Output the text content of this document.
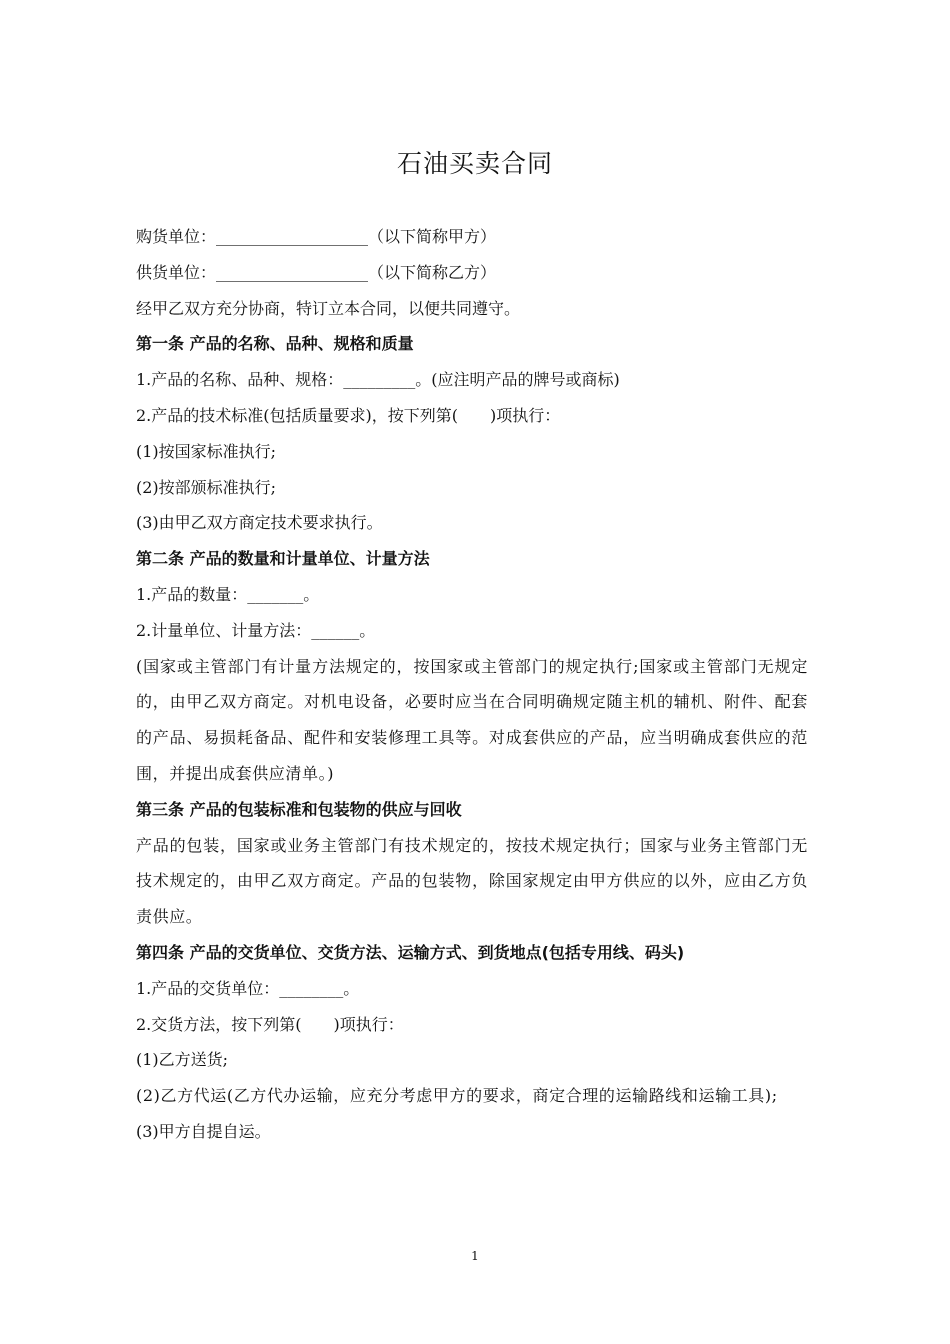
石油买卖合同
购货单位：___________________（以下简称甲方）
供货单位：___________________（以下简称乙方）
经甲乙双方充分协商，特订立本合同，以便共同遵守。
第一条 产品的名称、品种、规格和质量
1.产品的名称、品种、规格：_________。(应注明产品的牌号或商标)
2.产品的技术标准(包括质量要求)，按下列第(　　)项执行：
(1)按国家标准执行;
(2)按部颁标准执行;
(3)由甲乙双方商定技术要求执行。
第二条 产品的数量和计量单位、计量方法
1.产品的数量：_______。
2.计量单位、计量方法：______。
(国家或主管部门有计量方法规定的，按国家或主管部门的规定执行;国家或主管部门无规定的，由甲乙双方商定。对机电设备，必要时应当在合同明确规定随主机的辅机、附件、配套的产品、易损耗备品、配件和安装修理工具等。对成套供应的产品，应当明确成套供应的范围，并提出成套供应清单。)
第三条 产品的包装标准和包装物的供应与回收
产品的包装，国家或业务主管部门有技术规定的，按技术规定执行；国家与业务主管部门无技术规定的，由甲乙双方商定。产品的包装物，除国家规定由甲方供应的以外，应由乙方负责供应。
第四条 产品的交货单位、交货方法、运输方式、到货地点(包括专用线、码头)
1.产品的交货单位：________。
2.交货方法，按下列第(　　)项执行：
(1)乙方送货;
(2)乙方代运(乙方代办运输，应充分考虑甲方的要求，商定合理的运输路线和运输工具);
(3)甲方自提自运。
1
